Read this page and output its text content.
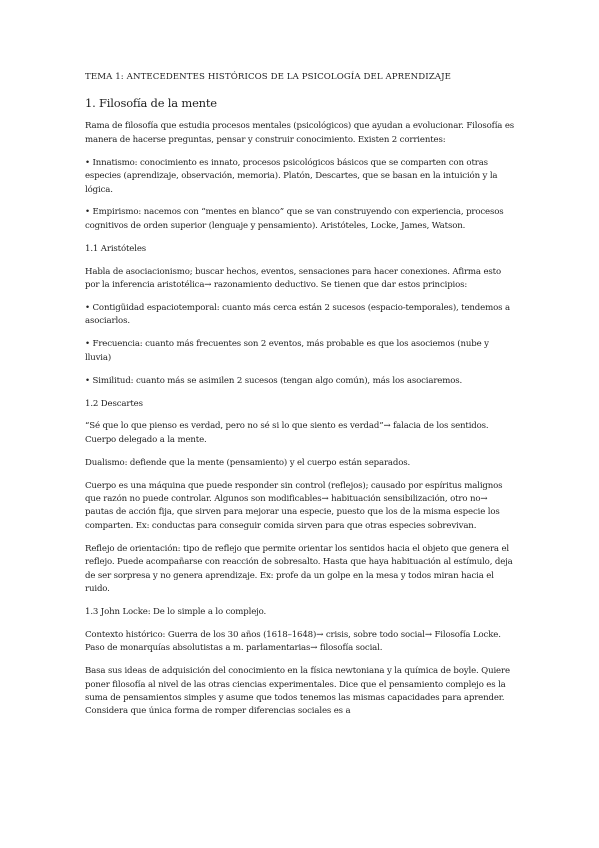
TEMA 1: ANTECEDENTES HISTÓRICOS DE LA PSICOLOGÍA DEL APRENDIZAJE

1. Filosofía de la mente

Rama de filosofía que estudia procesos mentales (psicológicos) que ayudan a evolucionar. Filosofía es manera de hacerse preguntas, pensar y construir conocimiento. Existen 2 corrientes:

• Innatismo: conocimiento es innato, procesos psicológicos básicos que se comparten con otras especies (aprendizaje, observación, memoria). Platón, Descartes, que se basan en la intuición y la lógica.

• Empirismo: nacemos con “mentes en blanco” que se van construyendo con experiencia, procesos cognitivos de orden superior (lenguaje y pensamiento). Aristóteles, Locke, James, Watson.

1.1 Aristóteles

Habla de asociacionismo; buscar hechos, eventos, sensaciones para hacer conexiones. Afirma esto por la inferencia aristotélica→ razonamiento deductivo. Se tienen que dar estos principios:

• Contigüidad espaciotemporal: cuanto más cerca están 2 sucesos (espacio-temporales), tendemos a asociarlos.

• Frecuencia: cuanto más frecuentes son 2 eventos, más probable es que los asociemos (nube y lluvia)

• Similitud: cuanto más se asimilen 2 sucesos (tengan algo común), más los asociaremos.

1.2 Descartes

“Sé que lo que pienso es verdad, pero no sé si lo que siento es verdad”→ falacia de los sentidos. Cuerpo delegado a la mente.

Dualismo: defiende que la mente (pensamiento) y el cuerpo están separados.

Cuerpo es una máquina que puede responder sin control (reflejos); causado por espíritus malignos que razón no puede controlar. Algunos son modificables→ habituación sensibilización, otro no→ pautas de acción fija, que sirven para mejorar una especie, puesto que los de la misma especie los comparten. Ex: conductas para conseguir comida sirven para que otras especies sobrevivan.

Reflejo de orientación: tipo de reflejo que permite orientar los sentidos hacia el objeto que genera el reflejo. Puede acompañarse con reacción de sobresalto. Hasta que haya habituación al estímulo, deja de ser sorpresa y no genera aprendizaje. Ex: profe da un golpe en la mesa y todos miran hacia el ruido.

1.3 John Locke: De lo simple a lo complejo.

Contexto histórico: Guerra de los 30 años (1618–1648)→ crisis, sobre todo social→ Filosofía Locke. Paso de monarquías absolutistas a m. parlamentarias→ filosofía social.

Basa sus ideas de adquisición del conocimiento en la física newtoniana y la química de boyle. Quiere poner filosofía al nivel de las otras ciencias experimentales. Dice que el pensamiento complejo es la suma de pensamientos simples y asume que todos tenemos las mismas capacidades para aprender. Considera que única forma de romper diferencias sociales es a
